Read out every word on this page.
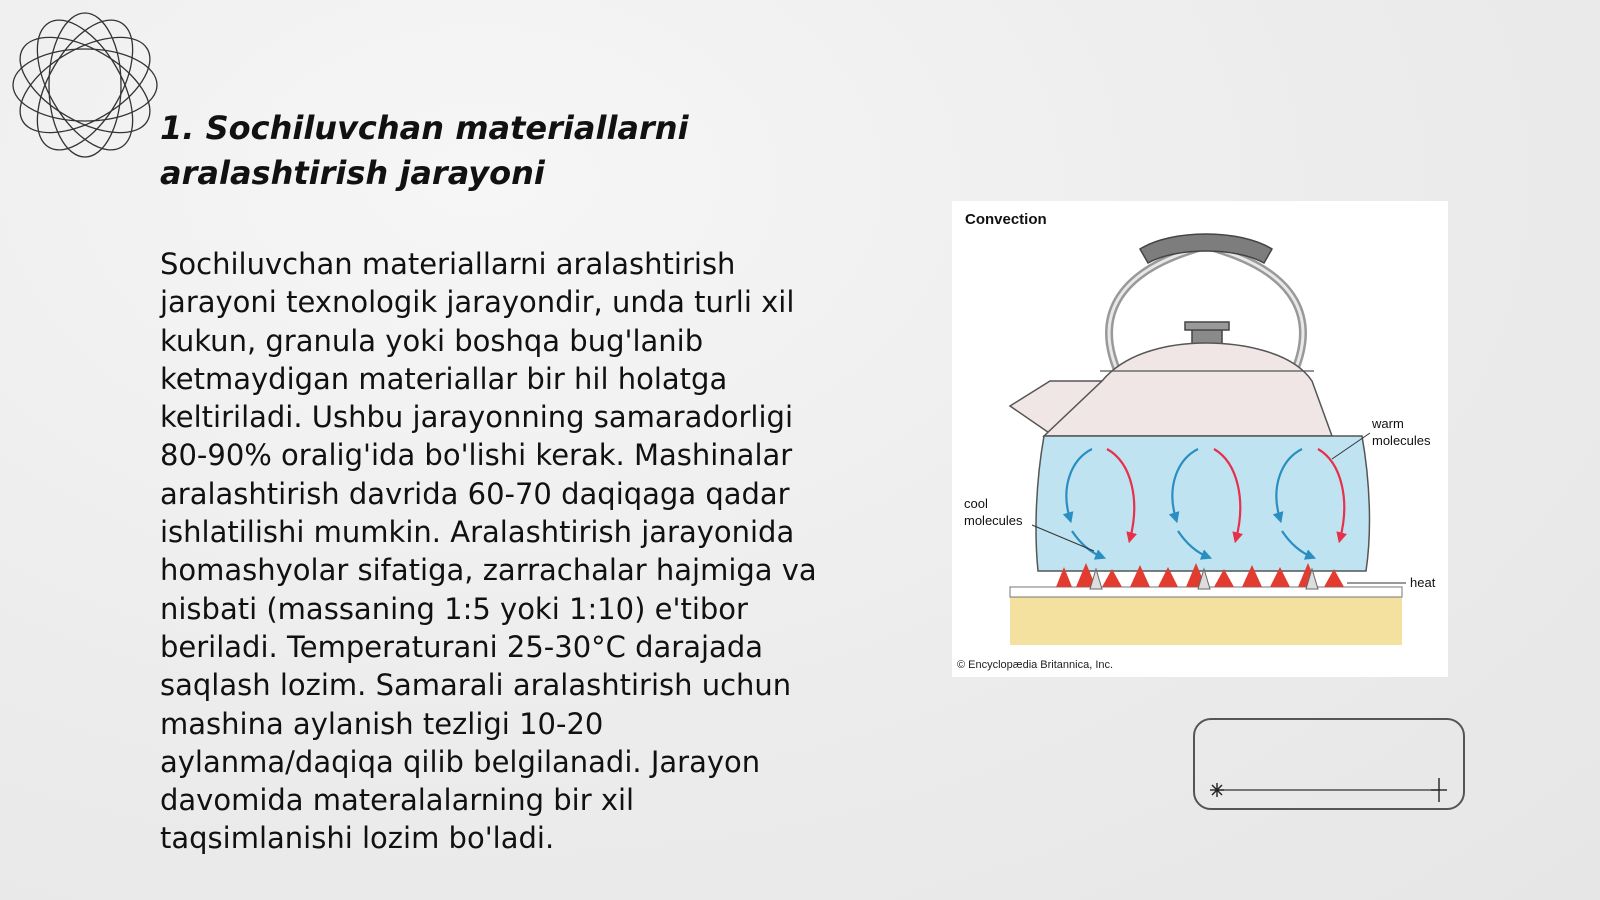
1. Sochiluvchan materiallarni
aralashtirish jarayoni
Sochiluvchan materiallarni aralashtirish
jarayoni texnologik jarayondir, unda turli xil
kukun, granula yoki boshqa bug'lanib
ketmaydigan materiallar bir hil holatga
keltiriladi. Ushbu jarayonning samaradorligi
80-90% oralig'ida bo'lishi kerak. Mashinalar
aralashtirish davrida 60-70 daqiqaga qadar
ishlatilishi mumkin. Aralashtirish jarayonida
homashyolar sifatiga, zarrachalar hajmiga va
nisbati (massaning 1:5 yoki 1:10) e'tibor
beriladi. Temperaturani 25-30°C darajada
saqlash lozim. Samarali aralashtirish uchun
mashina aylanish tezligi 10-20
aylanma/daqiqa qilib belgilanadi. Jarayon
davomida materalalarning bir xil
taqsimlanishi lozim bo'ladi.
Convection
warm
molecules
cool
molecules
heat
© Encyclopædia Britannica, Inc.
